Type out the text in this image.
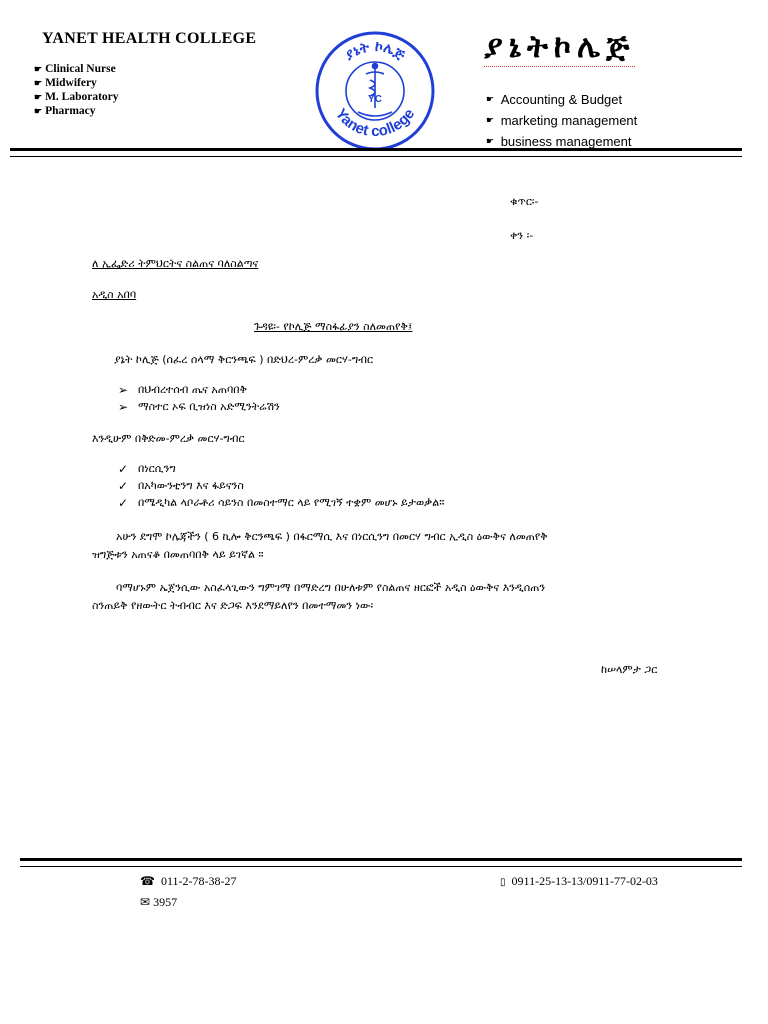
YANET HEALTH COLLEGE
☛ Clinical Nurse
☛ Midwifery
☛ M. Laboratory
☛ Pharmacy
ያኔት ኮሌጅ
Yanet college
YC
ያኔትኮሌጅ
☛
Accounting & Budget
☛
marketing management
☛
business management
ቁጥር፡-
ቀን ፡-
ለ ኢፌድሪ ትምህርትና ስልጠና ባለስልጣና
አዲስ አበባ
ጉዳዩ፡- የኮሊጅ ማስፋፊያን ስለመጠየቅ፤
ያኔት ኮሊጅ (ሰፈረ ሰላማ ቅርንጫፍ ) በድህረ-ምረቃ መርሃ-ግብር
➢ በህብረተሰብ ጤና አጠባበቅ
➢ ማስተር ኦፍ ቢዝነስ አድሚንትሬሽን
እንዲሁም በቅድመ-ምረቃ መርሃ-ግብር
✓ በነርሲንግ
✓ በአካውንቲንግ እና ፋይናንስ
✓ በሜዲካል ላቦራቶሪ ሳይንስ በመስተማር ላይ የሚገኝ ተቋም መሆኑ ይታወቃል።
አሁን ደግሞ ኮሌጃችን ( 6 ኪሎ ቅርንጫፍ ) በፋርማሲ እና በነርሲንግ በመርሃ ግብር ኢዲስ ዕውቅና ለመጠየቅ
ዝግጅቱን አጠናቆ በመጠባበቅ ላይ ይገኛል ።
ባማሆኑም ኤጀንሲው አስፈላጊውን ግምገማ በማድረግ በሁለቱም የስልጠና ዘርፎች አዲስ ዕውቅና እንዲሰጠን
ስንጠይቅ የዘውትር ትብብር እና ድጋፍ እንደማይለየን በመተማመን ነው፡
ከሠላምታ ጋር
☎ 011-2-78-38-27	▯ 0911-25-13-13/0911-77-02-03
✉ 3957
